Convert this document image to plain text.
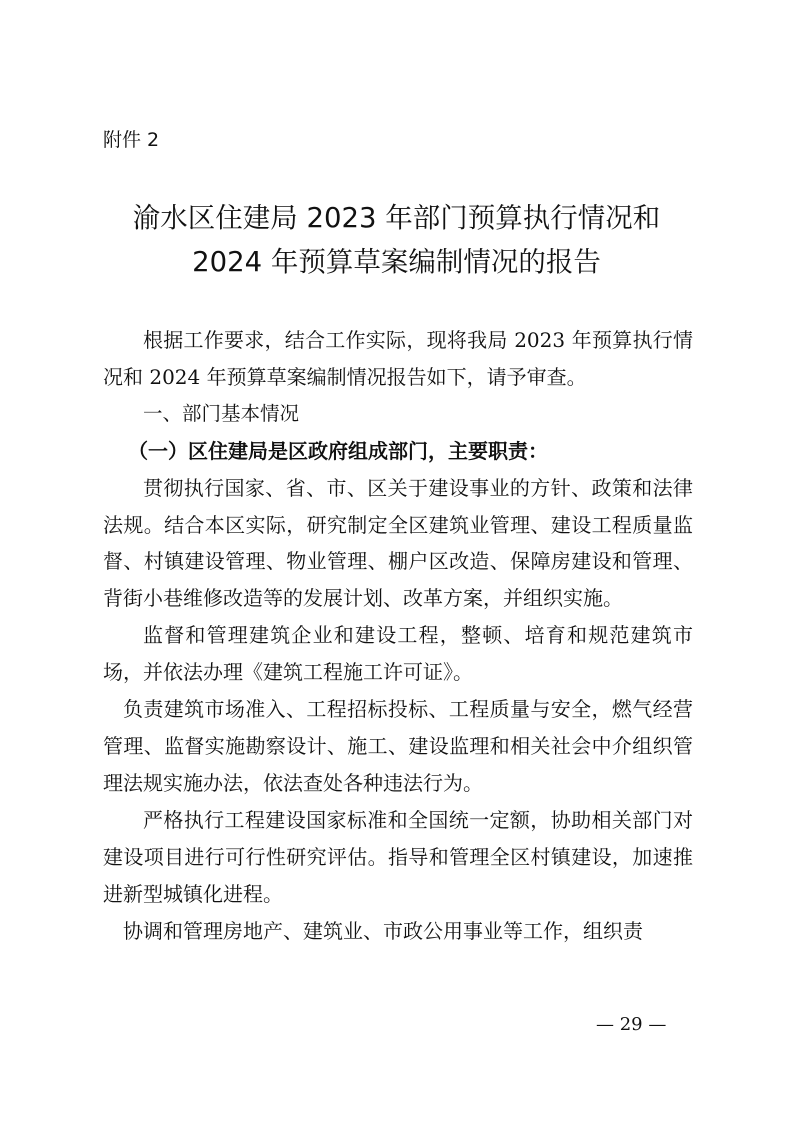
附件 2

渝水区住建局 2023 年部门预算执行情况和
2024 年预算草案编制情况的报告

根据工作要求，结合工作实际，现将我局 2023 年预算执行情况和 2024 年预算草案编制情况报告如下，请予审查。

一、部门基本情况

（一）区住建局是区政府组成部门，主要职责：

贯彻执行国家、省、市、区关于建设事业的方针、政策和法律法规。结合本区实际，研究制定全区建筑业管理、建设工程质量监督、村镇建设管理、物业管理、棚户区改造、保障房建设和管理、背街小巷维修改造等的发展计划、改革方案，并组织实施。

监督和管理建筑企业和建设工程，整顿、培育和规范建筑市场，并依法办理《建筑工程施工许可证》。

负责建筑市场准入、工程招标投标、工程质量与安全，燃气经营管理、监督实施勘察设计、施工、建设监理和相关社会中介组织管理法规实施办法，依法查处各种违法行为。

严格执行工程建设国家标准和全国统一定额，协助相关部门对建设项目进行可行性研究评估。指导和管理全区村镇建设，加速推进新型城镇化进程。

协调和管理房地产、建筑业、市政公用事业等工作，组织责

— 29 —
